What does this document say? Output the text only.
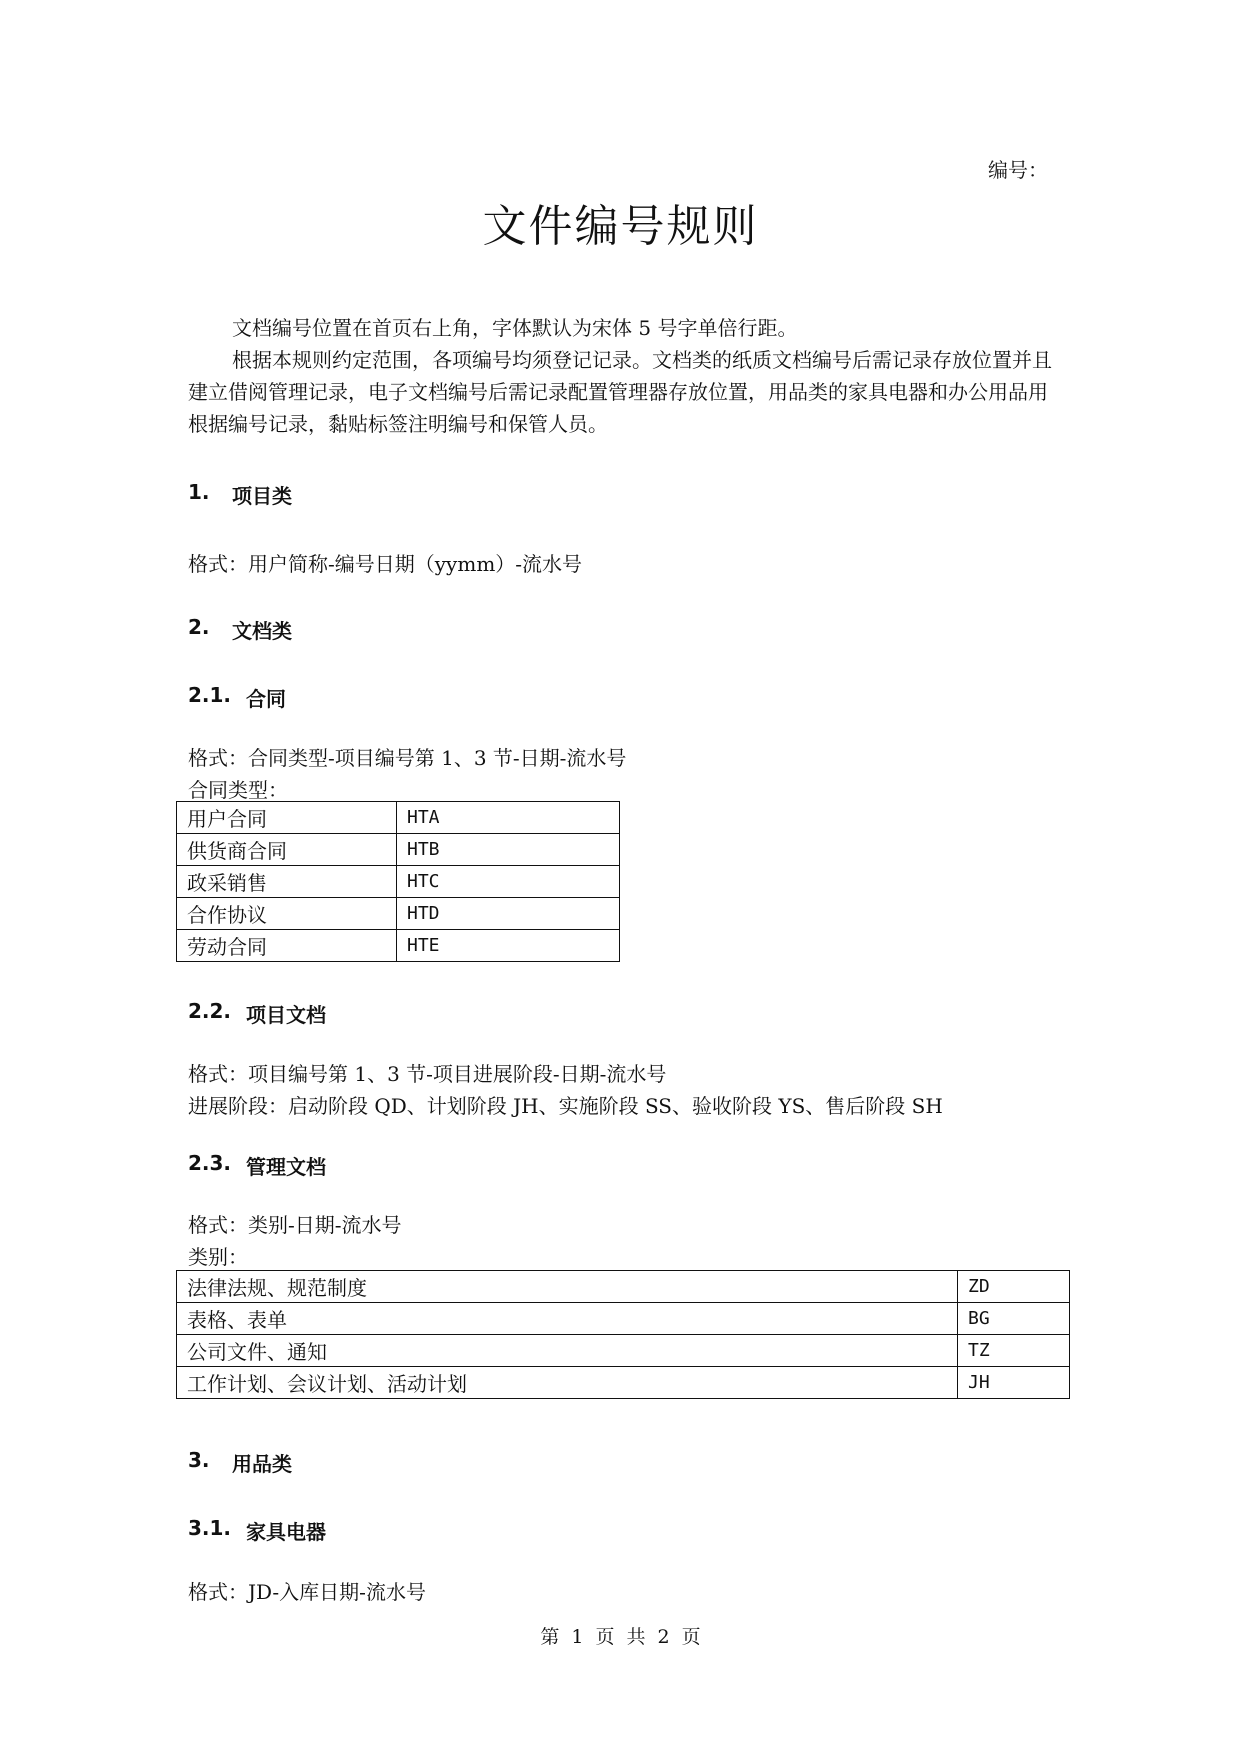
编号：
文件编号规则
文档编号位置在首页右上角，字体默认为宋体 5 号字单倍行距。
根据本规则约定范围，各项编号均须登记记录。文档类的纸质文档编号后需记录存放位置并且建立借阅管理记录，电子文档编号后需记录配置管理器存放位置，用品类的家具电器和办公用品用根据编号记录，黏贴标签注明编号和保管人员。
1. 项目类
格式：用户简称-编号日期（yymm）-流水号
2. 文档类
2.1. 合同
格式：合同类型-项目编号第 1、3 节-日期-流水号
合同类型：
用户合同	HTA
供货商合同	HTB
政采销售	HTC
合作协议	HTD
劳动合同	HTE
2.2. 项目文档
格式：项目编号第 1、3 节-项目进展阶段-日期-流水号
进展阶段：启动阶段 QD、计划阶段 JH、实施阶段 SS、验收阶段 YS、售后阶段 SH
2.3. 管理文档
格式：类别-日期-流水号
类别：
法律法规、规范制度	ZD
表格、表单	BG
公司文件、通知	TZ
工作计划、会议计划、活动计划	JH
3. 用品类
3.1. 家具电器
格式：JD-入库日期-流水号
第 1 页 共 2 页
